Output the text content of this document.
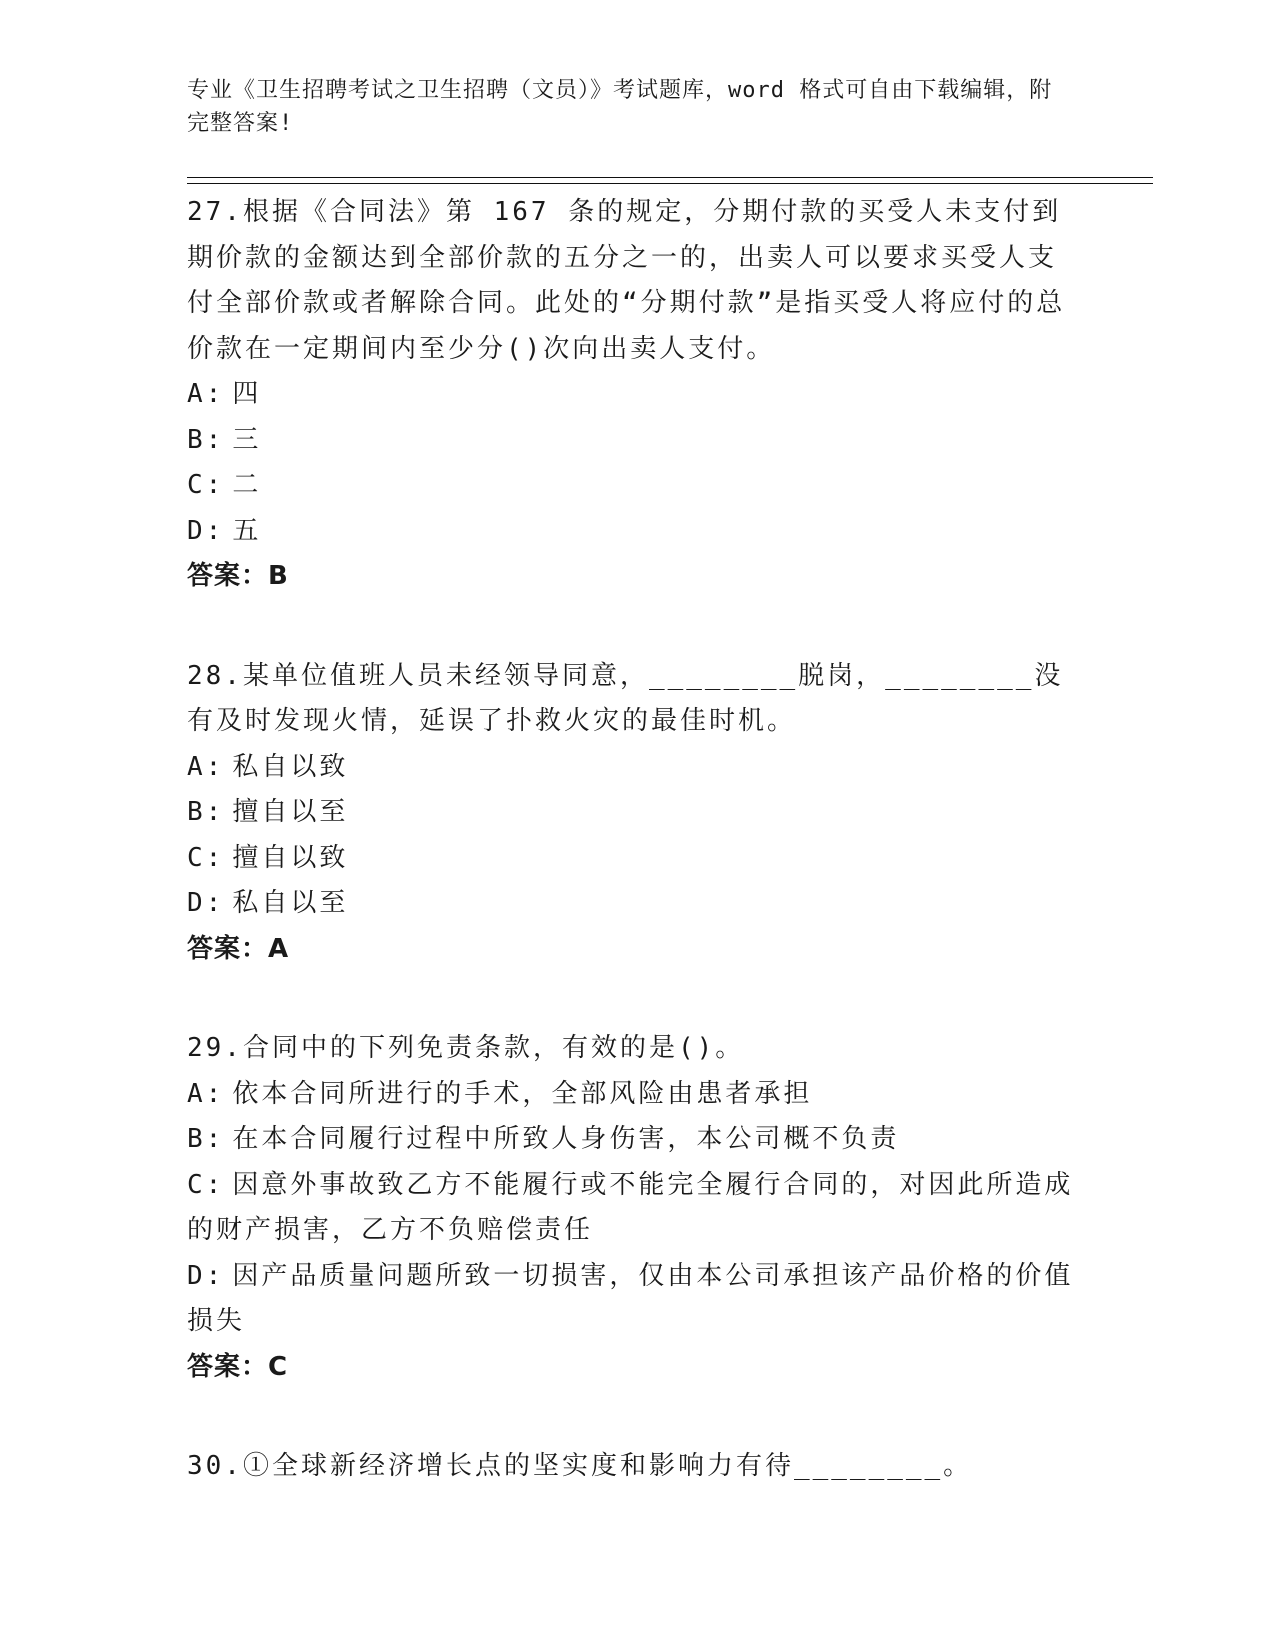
专业《卫生招聘考试之卫生招聘（文员）》考试题库，word 格式可自由下载编辑，附完整答案!

27.根据《合同法》第 167 条的规定，分期付款的买受人未支付到期价款的金额达到全部价款的五分之一的，出卖人可以要求买受人支付全部价款或者解除合同。此处的“分期付款”是指买受人将应付的总价款在一定期间内至少分()次向出卖人支付。

A: 四

B: 三

C: 二

D: 五

答案：B

28.某单位值班人员未经领导同意，________脱岗，________没有及时发现火情，延误了扑救火灾的最佳时机。

A: 私自以致

B: 擅自以至

C: 擅自以致

D: 私自以至

答案：A

29.合同中的下列免责条款，有效的是()。

A: 依本合同所进行的手术，全部风险由患者承担

B: 在本合同履行过程中所致人身伤害，本公司概不负责

C: 因意外事故致乙方不能履行或不能完全履行合同的，对因此所造成的财产损害，乙方不负赔偿责任

D: 因产品质量问题所致一切损害，仅由本公司承担该产品价格的价值损失

答案：C

30.①全球新经济增长点的坚实度和影响力有待________。
